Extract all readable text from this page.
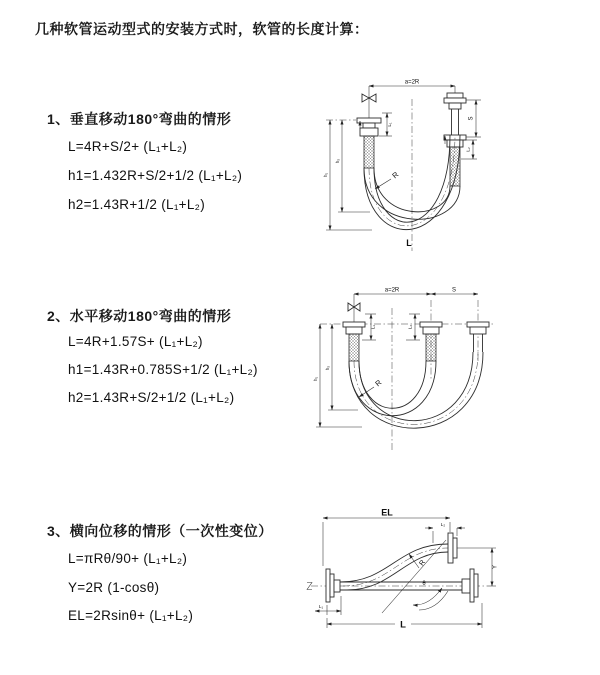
几种软管运动型式的安装方式时，软管的长度计算：
1、垂直移动180°弯曲的情形
L=4R+S/2+ (L₁+L₂)
h1=1.432R+S/2+1/2 (L₁+L₂)
h2=1.43R+1/2 (L₁+L₂)
2、水平移动180°弯曲的情形
L=4R+1.57S+ (L₁+L₂)
h1=1.43R+0.785S+1/2 (L₁+L₂)
h2=1.43R+S/2+1/2 (L₁+L₂)
3、横向位移的情形（一次性变位）
L=πRθ/90+ (L₁+L₂)
Y=2R (1-cosθ)
EL=2Rsinθ+ (L₁+L₂)
a=2R
S
L₂
h₁
h₂
L₁
R
L
a=2R	S
h₁
h₂
L₁	L₂
R
EL
L₂
Y
θ
R
L₁
L
